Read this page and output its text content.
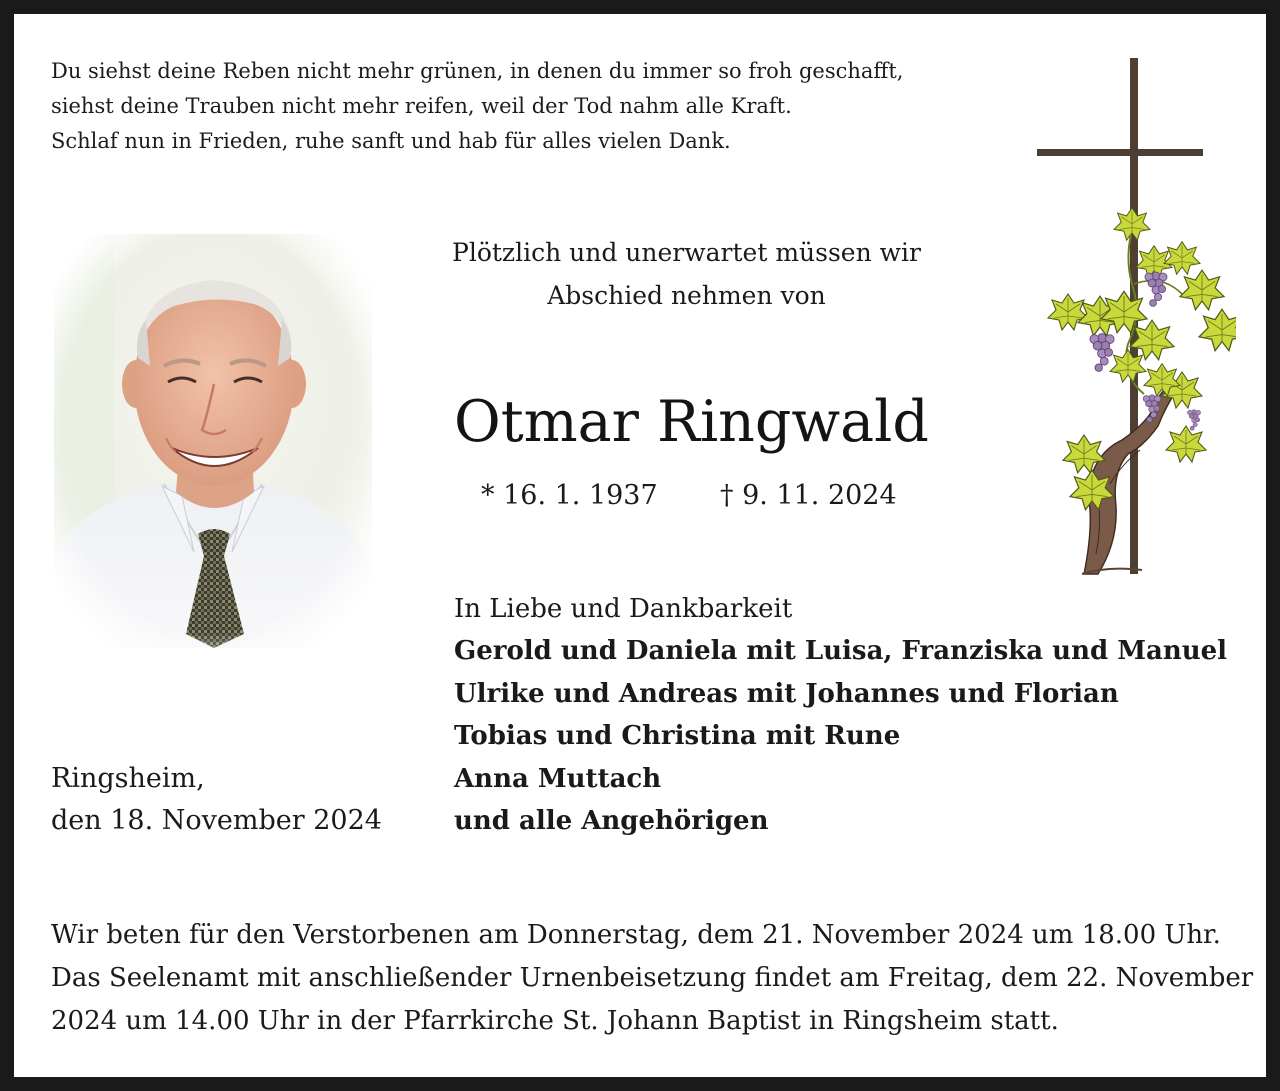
Du siehst deine Reben nicht mehr grünen, in denen du immer so froh geschafft,
siehst deine Trauben nicht mehr reifen, weil der Tod nahm alle Kraft.
Schlaf nun in Frieden, ruhe sanft und hab für alles vielen Dank.
Plötzlich und unerwartet müssen wir
Abschied nehmen von
Otmar Ringwald
* 16. 1. 1937 † 9. 11. 2024
In Liebe und Dankbarkeit
Gerold und Daniela mit Luisa, Franziska und Manuel
Ulrike und Andreas mit Johannes und Florian
Tobias und Christina mit Rune
Anna Muttach
und alle Angehörigen
Ringsheim,
den 18. November 2024
Wir beten für den Verstorbenen am Donnerstag, dem 21. November 2024 um 18.00 Uhr.
Das Seelenamt mit anschließender Urnenbeisetzung findet am Freitag, dem 22. November
2024 um 14.00 Uhr in der Pfarrkirche St. Johann Baptist in Ringsheim statt.
